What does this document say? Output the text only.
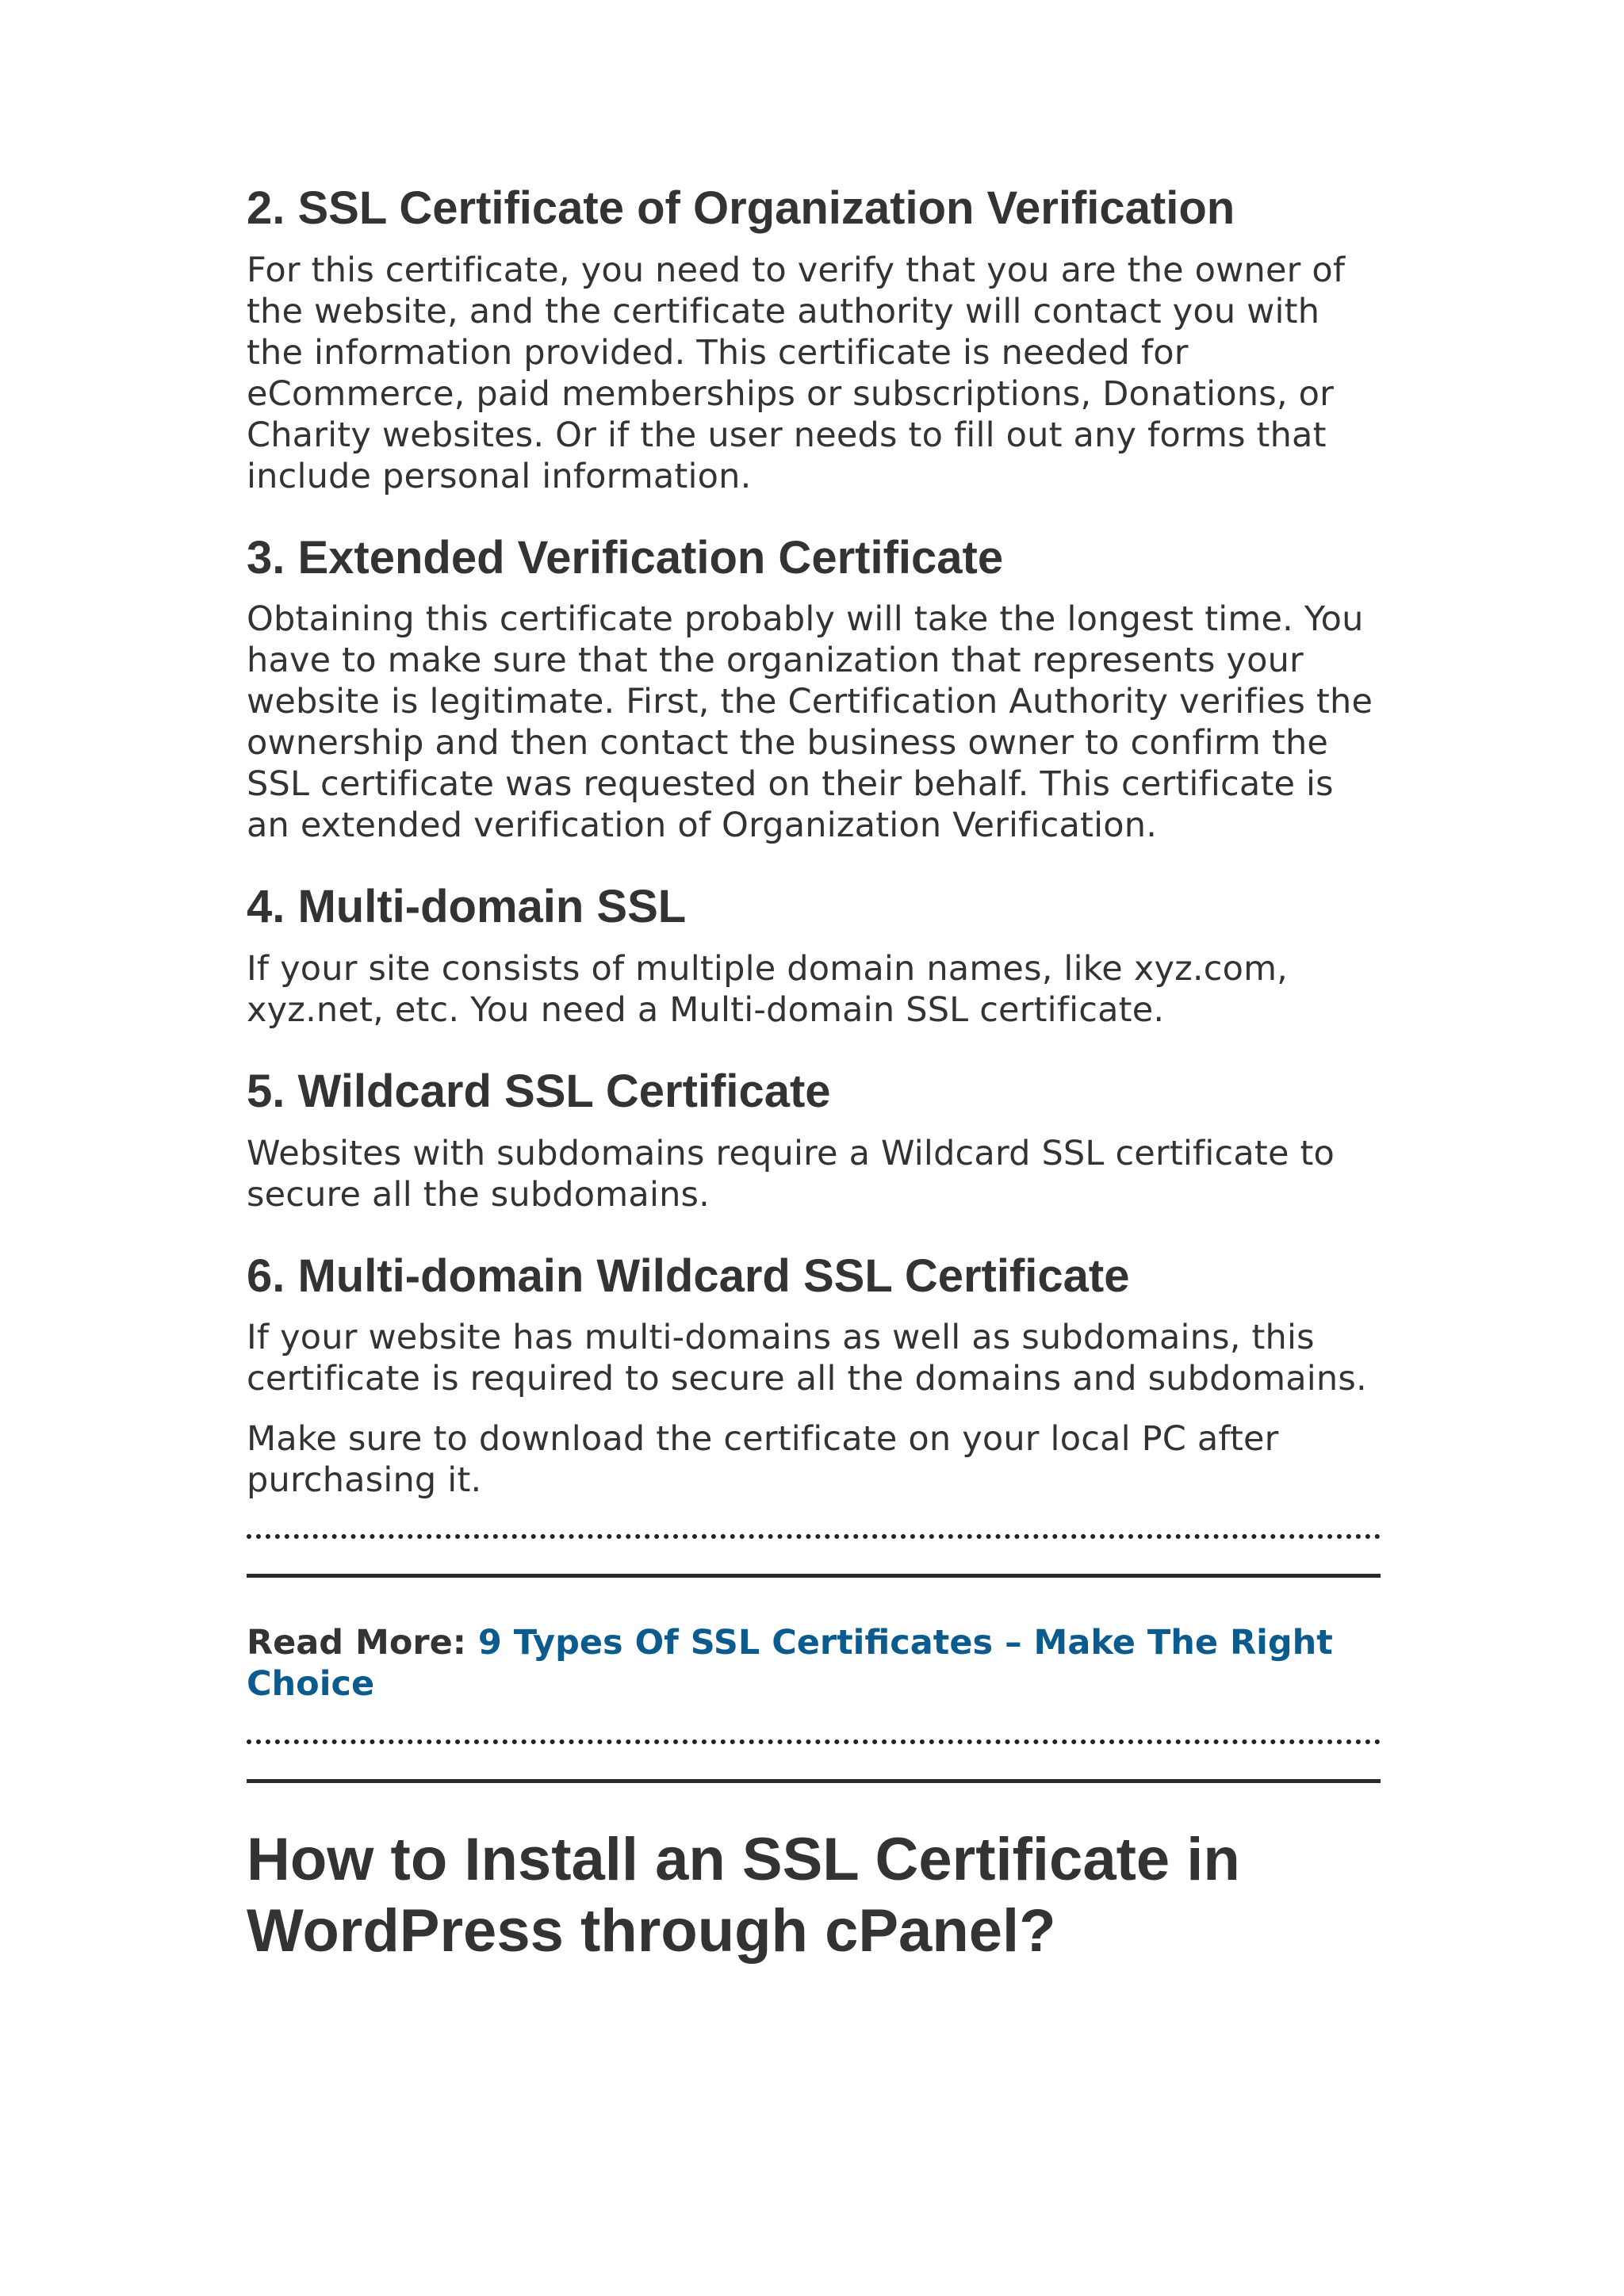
2. SSL Certificate of Organization Verification

For this certificate, you need to verify that you are the owner of the website, and the certificate authority will contact you with the information provided. This certificate is needed for eCommerce, paid memberships or subscriptions, Donations, or Charity websites. Or if the user needs to fill out any forms that include personal information.

3. Extended Verification Certificate

Obtaining this certificate probably will take the longest time. You have to make sure that the organization that represents your website is legitimate. First, the Certification Authority verifies the ownership and then contact the business owner to confirm the SSL certificate was requested on their behalf. This certificate is an extended verification of Organization Verification.

4. Multi-domain SSL

If your site consists of multiple domain names, like xyz.com, xyz.net, etc. You need a Multi-domain SSL certificate.

5. Wildcard SSL Certificate

Websites with subdomains require a Wildcard SSL certificate to secure all the subdomains.

6. Multi-domain Wildcard SSL Certificate

If your website has multi-domains as well as subdomains, this certificate is required to secure all the domains and subdomains.

Make sure to download the certificate on your local PC after purchasing it.

Read More: 9 Types Of SSL Certificates – Make The Right Choice

How to Install an SSL Certificate in WordPress through cPanel?
